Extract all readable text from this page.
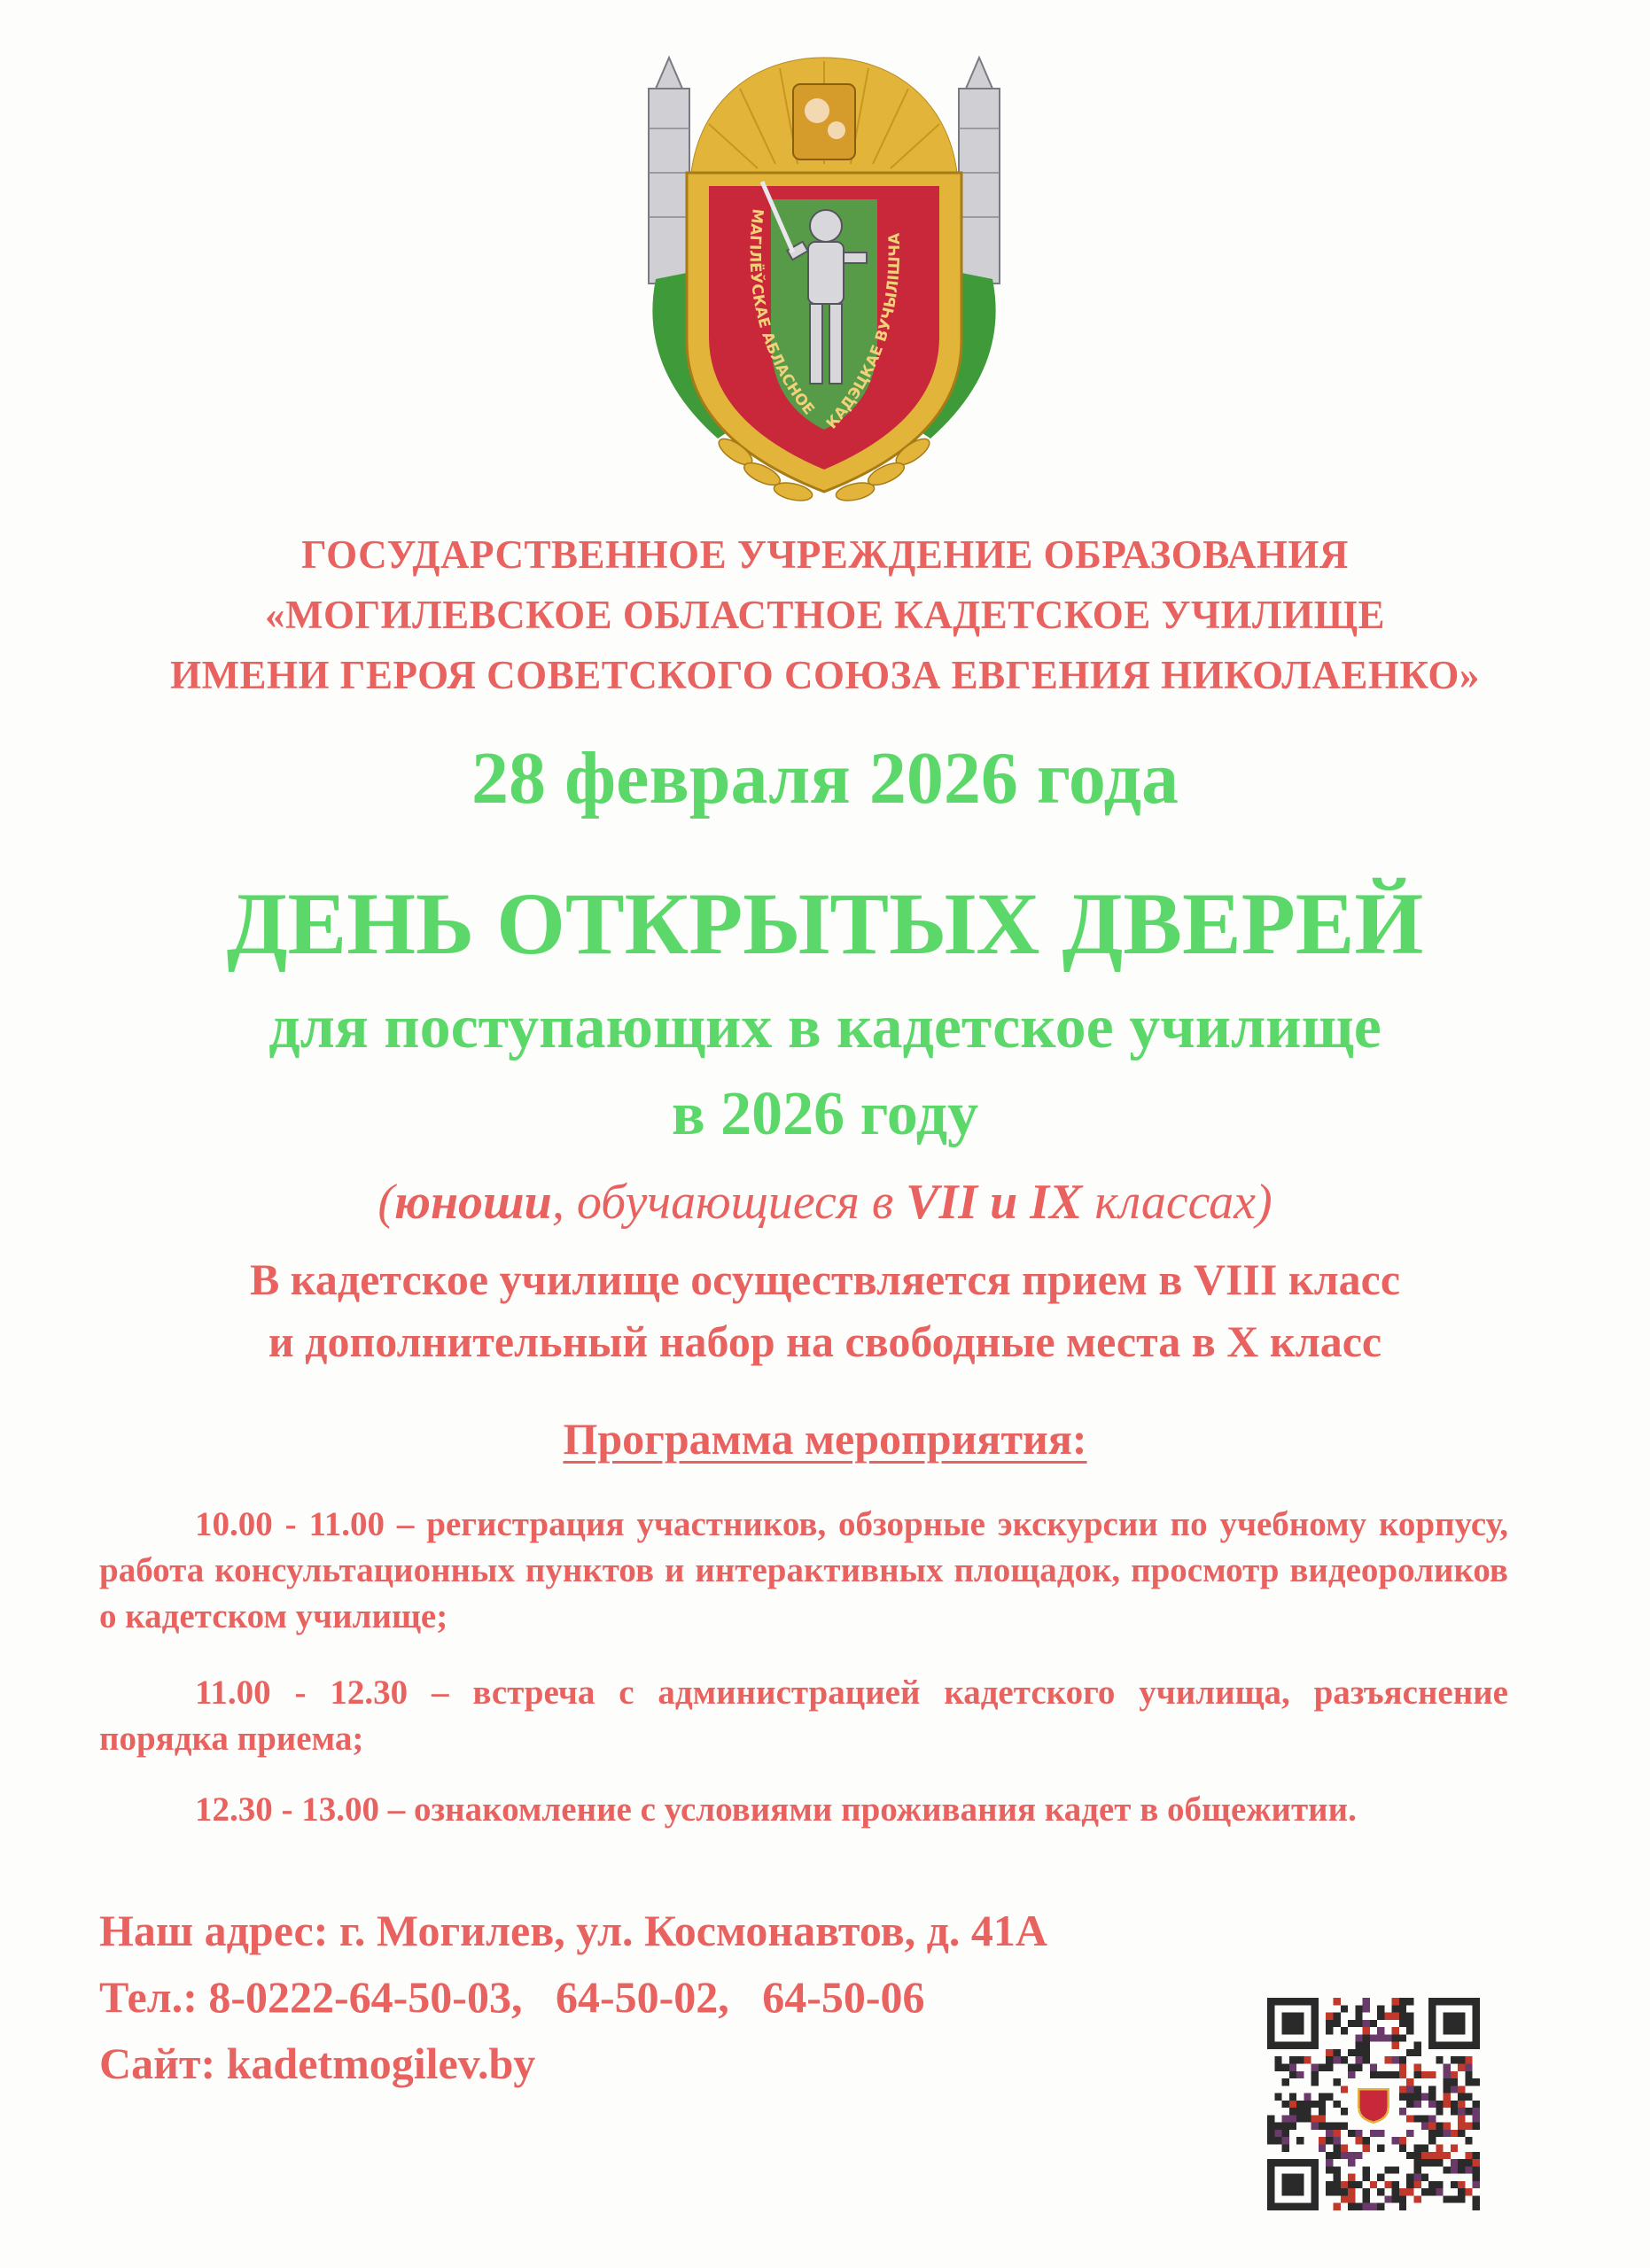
МАГІЛЁЎСКАЕ АБЛАСНОЕ
КАДЭЦКАЕ ВУЧЫЛІШЧА
ГОСУДАРСТВЕННОЕ УЧРЕЖДЕНИЕ ОБРАЗОВАНИЯ
«МОГИЛЕВСКОЕ ОБЛАСТНОЕ КАДЕТСКОЕ УЧИЛИЩЕ
ИМЕНИ ГЕРОЯ СОВЕТСКОГО СОЮЗА ЕВГЕНИЯ НИКОЛАЕНКО»
28 февраля 2026 года
ДЕНЬ ОТКРЫТЫХ ДВЕРЕЙ
для поступающих в кадетское училище
в 2026 году
(юноши, обучающиеся в VII и IX классах)
В кадетское училище осуществляется прием в VIII класс
и дополнительный набор на свободные места в X класс
Программа мероприятия:
10.00 - 11.00 – регистрация участников, обзорные экскурсии по учебному корпусу, работа консультационных пунктов и интерактивных площадок, просмотр видеороликов о кадетском училище;
11.00 - 12.30 – встреча с администрацией кадетского училища, разъяснение порядка приема;
12.30 - 13.00 – ознакомление с условиями проживания кадет в общежитии.
Наш адрес: г. Могилев, ул. Космонавтов, д. 41А
Тел.: 8-0222-64-50-03,   64-50-02,   64-50-06
Сайт: kadetmogilev.by
